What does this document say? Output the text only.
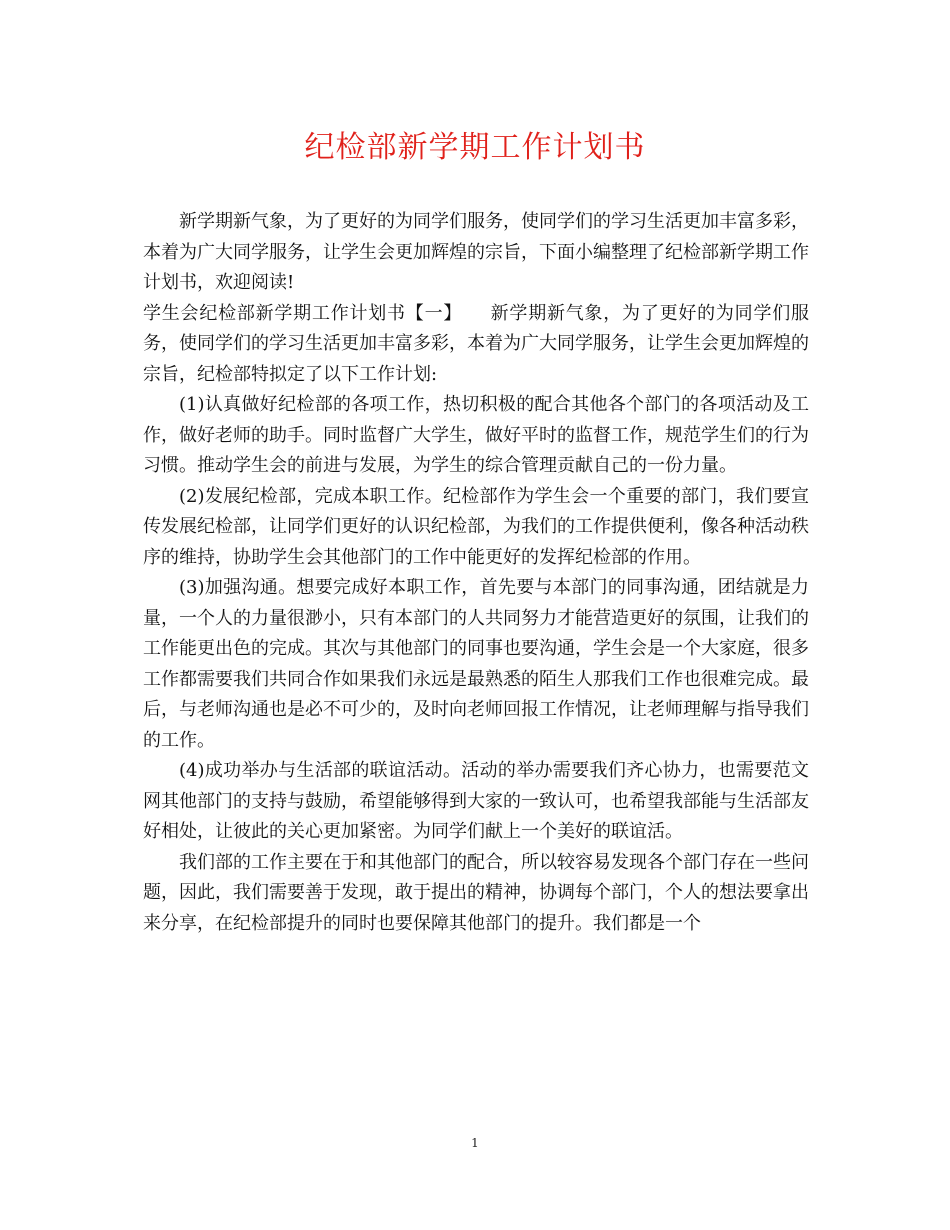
纪检部新学期工作计划书

新学期新气象，为了更好的为同学们服务，使同学们的学习生活更加丰富多彩，本着为广大同学服务，让学生会更加辉煌的宗旨，下面小编整理了纪检部新学期工作计划书，欢迎阅读!

学生会纪检部新学期工作计划书【一】　　新学期新气象，为了更好的为同学们服务，使同学们的学习生活更加丰富多彩，本着为广大同学服务，让学生会更加辉煌的宗旨，纪检部特拟定了以下工作计划:

(1)认真做好纪检部的各项工作，热切积极的配合其他各个部门的各项活动及工作，做好老师的助手。同时监督广大学生，做好平时的监督工作，规范学生们的行为习惯。推动学生会的前进与发展，为学生的综合管理贡献自己的一份力量。

(2)发展纪检部，完成本职工作。纪检部作为学生会一个重要的部门，我们要宣传发展纪检部，让同学们更好的认识纪检部，为我们的工作提供便利，像各种活动秩序的维持，协助学生会其他部门的工作中能更好的发挥纪检部的作用。

(3)加强沟通。想要完成好本职工作，首先要与本部门的同事沟通，团结就是力量，一个人的力量很渺小，只有本部门的人共同努力才能营造更好的氛围，让我们的工作能更出色的完成。其次与其他部门的同事也要沟通，学生会是一个大家庭，很多工作都需要我们共同合作如果我们永远是最熟悉的陌生人那我们工作也很难完成。最后，与老师沟通也是必不可少的，及时向老师回报工作情况，让老师理解与指导我们的工作。

(4)成功举办与生活部的联谊活动。活动的举办需要我们齐心协力，也需要范文网其他部门的支持与鼓励，希望能够得到大家的一致认可，也希望我部能与生活部友好相处，让彼此的关心更加紧密。为同学们献上一个美好的联谊活。

我们部的工作主要在于和其他部门的配合，所以较容易发现各个部门存在一些问题，因此，我们需要善于发现，敢于提出的精神，协调每个部门，个人的想法要拿出来分享，在纪检部提升的同时也要保障其他部门的提升。我们都是一个

1
